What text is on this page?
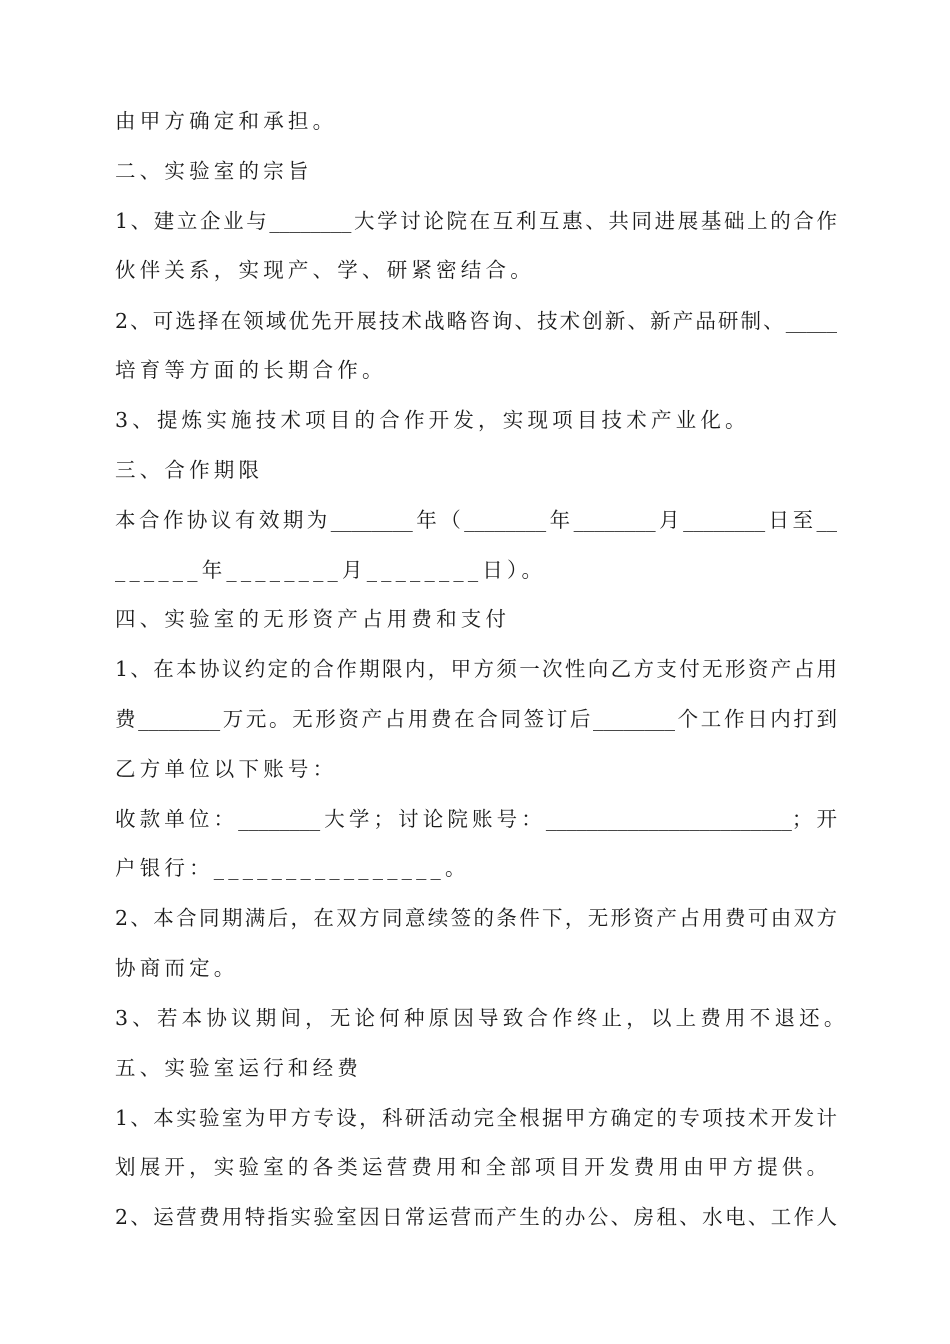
由甲方确定和承担。
二、实验室的宗旨
1、建立企业与________大学讨论院在互利互惠、共同进展基础上的合作
伙伴关系，实现产、学、研紧密结合。
2、可选择在领域优先开展技术战略咨询、技术创新、新产品研制、_____
培育等方面的长期合作。
3、提炼实施技术项目的合作开发，实现项目技术产业化。
三、合作期限
本合作协议有效期为________年（________年________月________日至__
______年________月________日）。
四、实验室的无形资产占用费和支付
1、在本协议约定的合作期限内，甲方须一次性向乙方支付无形资产占用
费________万元。无形资产占用费在合同签订后________个工作日内打到
乙方单位以下账号：
收款单位：________大学；讨论院账号：________________________；开
户银行：________________。
2、本合同期满后，在双方同意续签的条件下，无形资产占用费可由双方
协商而定。
3、若本协议期间，无论何种原因导致合作终止，以上费用不退还。
五、实验室运行和经费
1、本实验室为甲方专设，科研活动完全根据甲方确定的专项技术开发计
划展开，实验室的各类运营费用和全部项目开发费用由甲方提供。
2、运营费用特指实验室因日常运营而产生的办公、房租、水电、工作人
